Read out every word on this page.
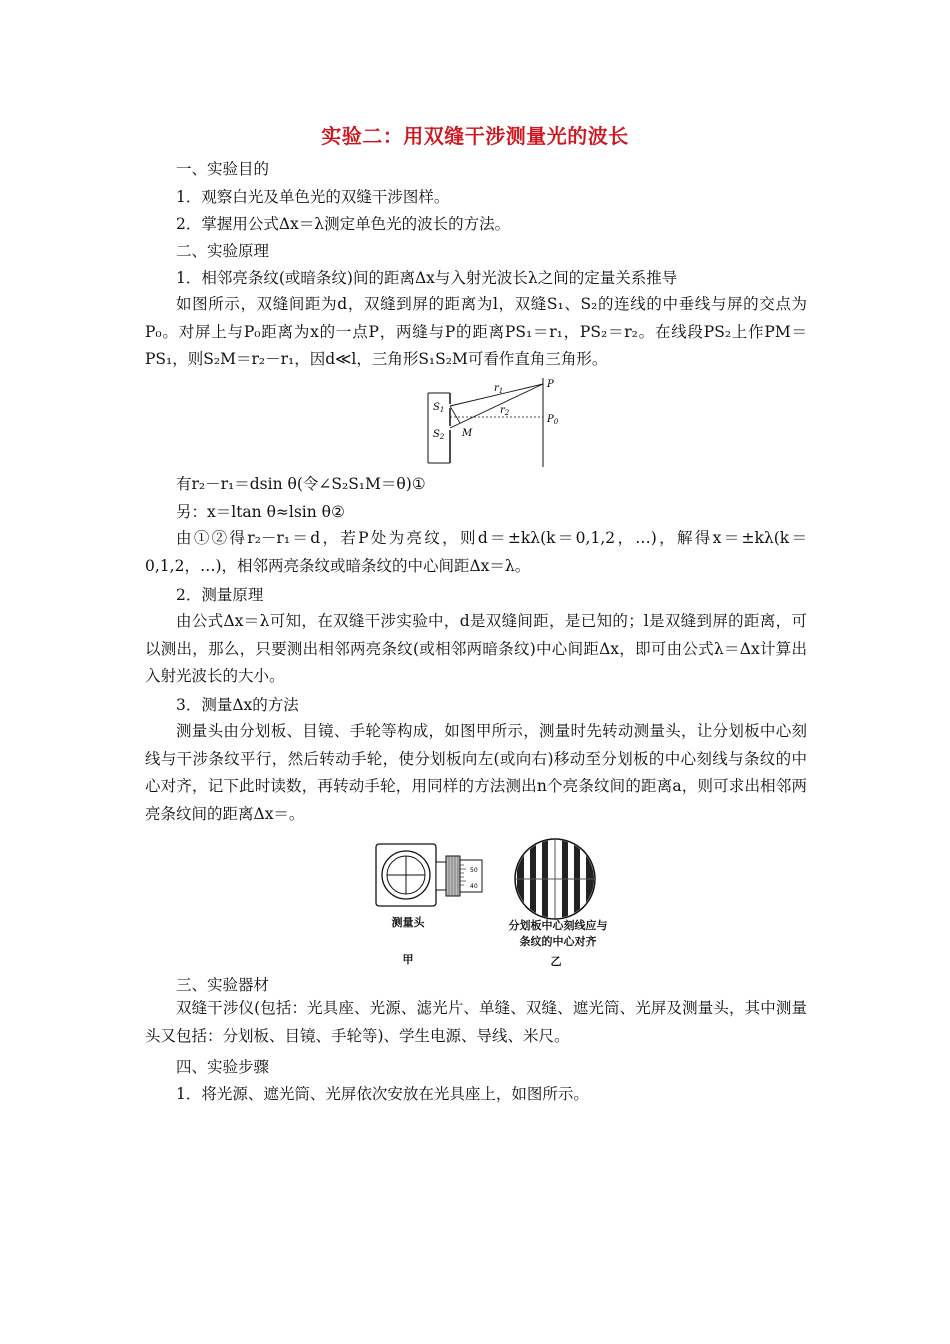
实验二：用双缝干涉测量光的波长
一、实验目的
1．观察白光及单色光的双缝干涉图样。
2．掌握用公式Δx＝λ测定单色光的波长的方法。
二、实验原理
1．相邻亮条纹(或暗条纹)间的距离Δx与入射光波长λ之间的定量关系推导
如图所示，双缝间距为d，双缝到屏的距离为l，双缝S₁、S₂的连线的中垂线与屏的交点为P₀。对屏上与P₀距离为x的一点P，两缝与P的距离PS₁＝r₁，PS₂＝r₂。在线段PS₂上作PM＝PS₁，则S₂M＝r₂－r₁，因d≪l，三角形S₁S₂M可看作直角三角形。
$S_1$
$S_2$ M
P
$P_0$
$r_1$
$r_2$
有r₂－r₁＝dsin θ(令∠S₂S₁M＝θ)①
另：x＝ltan θ≈lsin θ②
由①②得r₂－r₁＝d，若P处为亮纹，则d＝±kλ(k＝0,1,2，…)，解得x＝±kλ(k＝0,1,2，…)，相邻两亮条纹或暗条纹的中心间距Δx＝λ。
2．测量原理
由公式Δx＝λ可知，在双缝干涉实验中，d是双缝间距，是已知的；l是双缝到屏的距离，可以测出，那么，只要测出相邻两亮条纹(或相邻两暗条纹)中心间距Δx，即可由公式λ＝Δx计算出入射光波长的大小。
3．测量Δx的方法
测量头由分划板、目镜、手轮等构成，如图甲所示，测量时先转动测量头，让分划板中心刻线与干涉条纹平行，然后转动手轮，使分划板向左(或向右)移动至分划板的中心刻线与条纹的中心对齐，记下此时读数，再转动手轮，用同样的方法测出n个亮条纹间的距离a，则可求出相邻两亮条纹间的距离Δx＝。
50
40
测量头	分划板中心刻线应与
条纹的中心对齐
甲	乙
三、实验器材
双缝干涉仪(包括：光具座、光源、滤光片、单缝、双缝、遮光筒、光屏及测量头，其中测量头又包括：分划板、目镜、手轮等)、学生电源、导线、米尺。
四、实验步骤
1．将光源、遮光筒、光屏依次安放在光具座上，如图所示。
